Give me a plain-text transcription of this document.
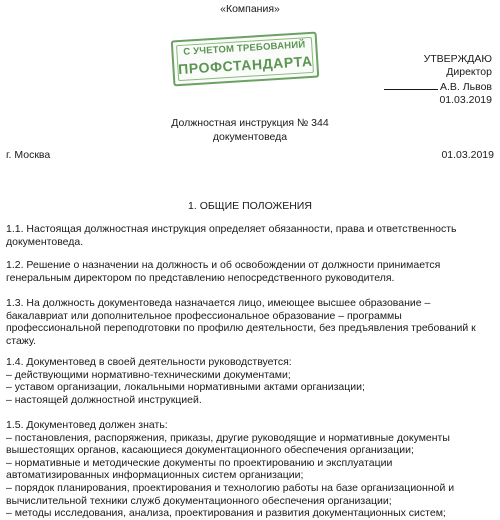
«Компания»
С УЧЕТОМ ТРЕБОВАНИЙ
ПРОФСТАНДАРТА	УТВЕРЖДАЮ
Директор
А.В. Львов
01.03.2019
Должностная инструкция № 344
документоведа
г. Москва	01.03.2019
1. ОБЩИЕ ПОЛОЖЕНИЯ
1.1. Настоящая должностная инструкция определяет обязанности, права и ответственность
документоведа.
1.2. Решение о назначении на должность и об освобождении от должности принимается
генеральным директором по представлению непосредственного руководителя.
1.3. На должность документоведа назначается лицо, имеющее высшее образование –
бакалавриат или дополнительное профессиональное образование – программы
профессиональной переподготовки по профилю деятельности, без предъявления требований к
стажу.
1.4. Документовед в своей деятельности руководствуется:
– действующими нормативно-техническими документами;
– уставом организации, локальными нормативными актами организации;
– настоящей должностной инструкцией.
1.5. Документовед должен знать:
– постановления, распоряжения, приказы, другие руководящие и нормативные документы
вышестоящих органов, касающиеся документационного обеспечения организации;
– нормативные и методические документы по проектированию и эксплуатации
автоматизированных информационных систем организации;
– порядок планирования, проектирования и технологию работы на базе организационной и
вычислительной техники служб документационного обеспечения организации;
– методы исследования, анализа, проектирования и развития документационных систем;
